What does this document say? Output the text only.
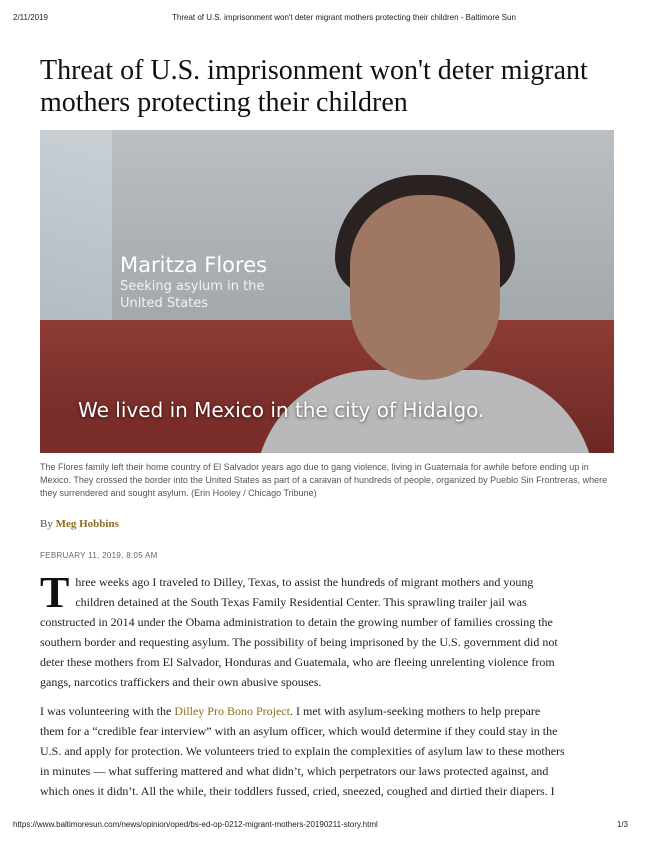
2/11/2019	Threat of U.S. imprisonment won't deter migrant mothers protecting their children - Baltimore Sun
Threat of U.S. imprisonment won't deter migrant mothers protecting their children

Maritza Flores

Seeking asylum in the United States

We lived in Mexico in the city of Hidalgo.

The Flores family left their home country of El Salvador years ago due to gang violence, living in Guatemala for awhile before ending up in Mexico. They crossed the border into the United States as part of a caravan of hundreds of people, organized by Pueblo Sin Frontreras, where they surrendered and sought asylum. (Erin Hooley / Chicago Tribune)

By Meg Hobbins
FEBRUARY 11, 2019, 8:05 AM

T hree weeks ago I traveled to Dilley, Texas, to assist the hundreds of migrant mothers and young
children detained at the South Texas Family Residential Center. This sprawling trailer jail was
constructed in 2014 under the Obama administration to detain the growing number of families crossing the
southern border and requesting asylum. The possibility of being imprisoned by the U.S. government did not
deter these mothers from El Salvador, Honduras and Guatemala, who are fleeing unrelenting violence from
gangs, narcotics traffickers and their own abusive spouses.

I was volunteering with the Dilley Pro Bono Project. I met with asylum-seeking mothers to help prepare
them for a “credible fear interview” with an asylum officer, which would determine if they could stay in the
U.S. and apply for protection. We volunteers tried to explain the complexities of asylum law to these mothers
in minutes — what suffering mattered and what didn’t, which perpetrators our laws protected against, and
which ones it didn’t. All the while, their toddlers fussed, cried, sneezed, coughed and dirtied their diapers. I

https://www.baltimoresun.com/news/opinion/oped/bs-ed-op-0212-migrant-mothers-20190211-story.html	1/3
